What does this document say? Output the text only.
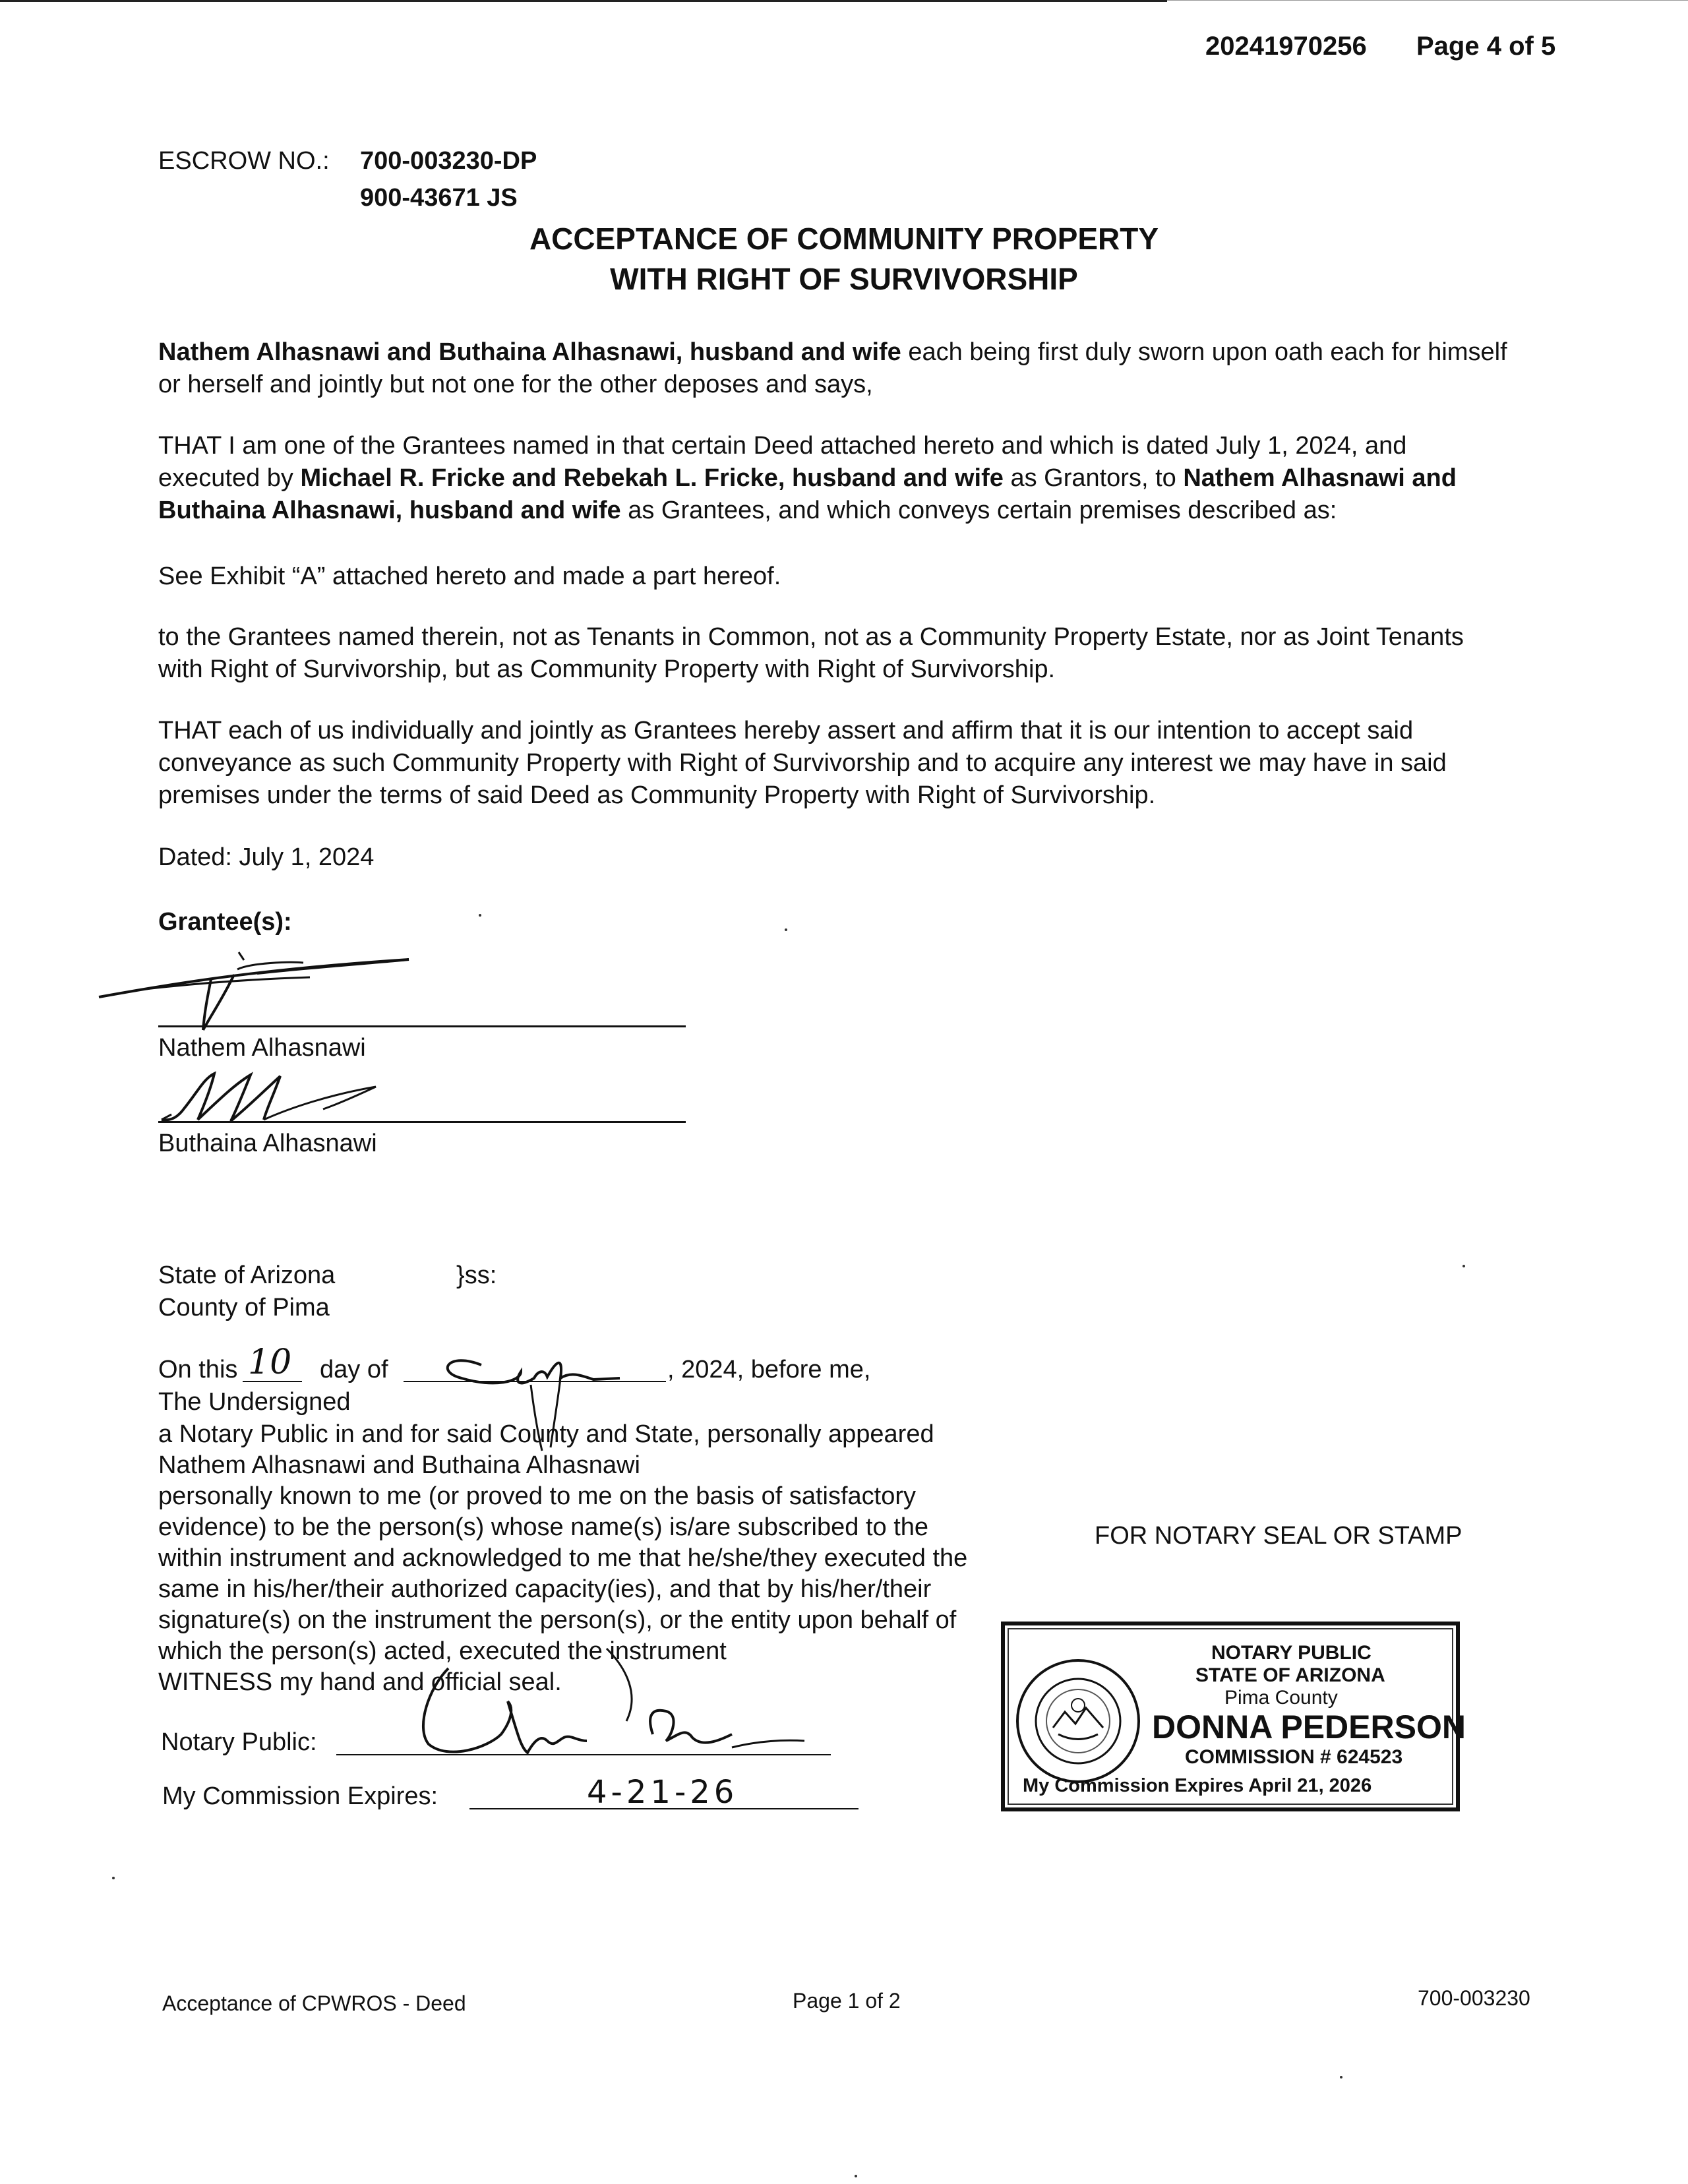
20241970256 Page 4 of 5
ESCROW NO.: 700-003230-DP
900-43671 JS
ACCEPTANCE OF COMMUNITY PROPERTY
WITH RIGHT OF SURVIVORSHIP
Nathem Alhasnawi and Buthaina Alhasnawi, husband and wife each being first duly sworn upon oath each for himself or herself and jointly but not one for the other deposes and says,
THAT I am one of the Grantees named in that certain Deed attached hereto and which is dated July 1, 2024, and executed by Michael R. Fricke and Rebekah L. Fricke, husband and wife as Grantors, to Nathem Alhasnawi and Buthaina Alhasnawi, husband and wife as Grantees, and which conveys certain premises described as:
See Exhibit “A” attached hereto and made a part hereof.
to the Grantees named therein, not as Tenants in Common, not as a Community Property Estate, nor as Joint Tenants with Right of Survivorship, but as Community Property with Right of Survivorship.
THAT each of us individually and jointly as Grantees hereby assert and affirm that it is our intention to accept said conveyance as such Community Property with Right of Survivorship and to acquire any interest we may have in said premises under the terms of said Deed as Community Property with Right of Survivorship.
Dated: July 1, 2024
Grantee(s):
Nathem Alhasnawi
Buthaina Alhasnawi
State of Arizona	}ss:
County of Pima
On this 10 day of	, 2024, before me,
The Undersigned
a Notary Public in and for said County and State, personally appeared
Nathem Alhasnawi and Buthaina Alhasnawi
personally known to me (or proved to me on the basis of satisfactory
evidence) to be the person(s) whose name(s) is/are subscribed to the
within instrument and acknowledged to me that he/she/they executed the
same in his/her/their authorized capacity(ies), and that by his/her/their
signature(s) on the instrument the person(s), or the entity upon behalf of
which the person(s) acted, executed the instrument
WITNESS my hand and official seal.
FOR NOTARY SEAL OR STAMP
Notary Public:
My Commission Expires:	4-21-26
NOTARY PUBLIC
STATE OF ARIZONA
Pima County
DONNA PEDERSON
COMMISSION # 624523
My Commission Expires April 21, 2026
Acceptance of CPWROS - Deed	Page 1 of 2	700-003230
